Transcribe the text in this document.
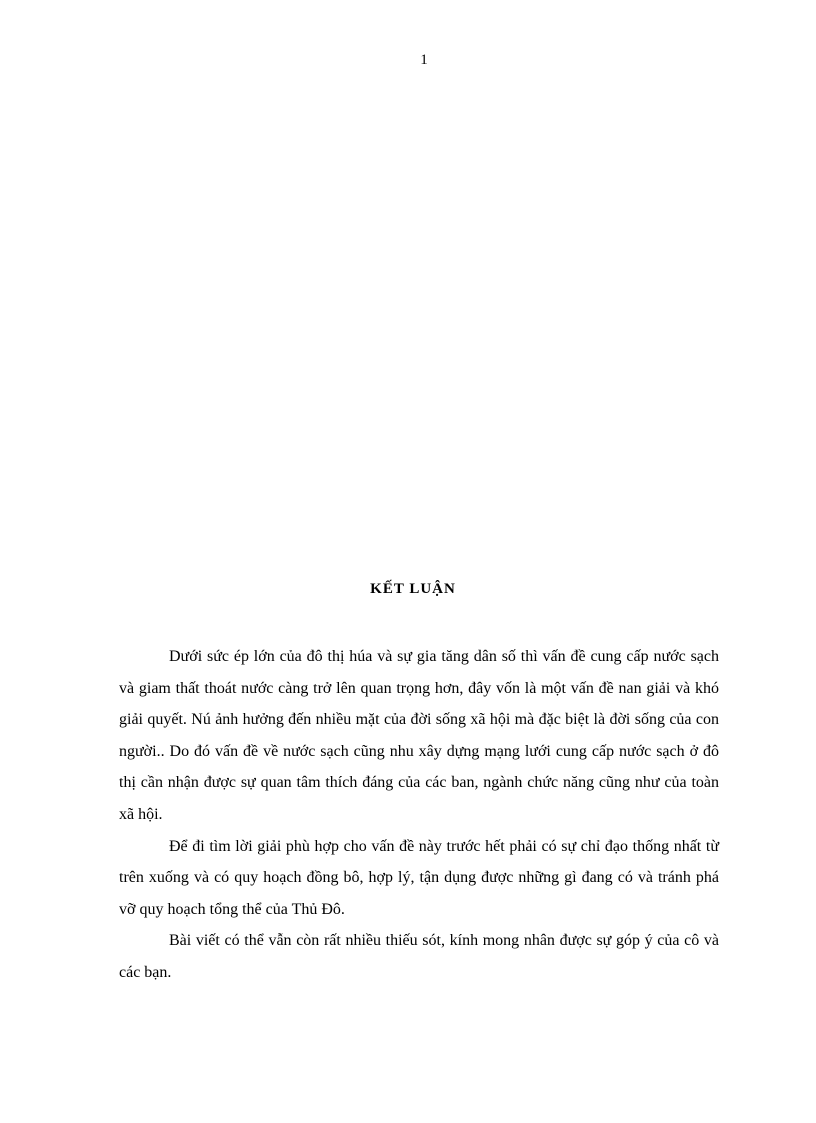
1
KẾT LUẬN

Dưới sức ép lớn của đô thị húa và sự gia tăng dân số thì vấn đề cung cấp nước sạch và giam thất thoát nước càng trở lên quan trọng hơn, đây vốn là một vấn đề nan giải và khó giải quyết. Nú ảnh hưởng đến nhiều mặt của đời sống xã hội mà đặc biệt là đời sống của con người.. Do đó vấn đề về nước sạch cũng nhu xây dựng mạng lưới cung cấp nước sạch ở đô thị cần nhận được sự quan tâm thích đáng của các ban, ngành chức năng cũng như của toàn xã hội.

Để đi tìm lời giải phù hợp cho vấn đề này trước hết phải có sự chỉ đạo thống nhất từ trên xuống và có quy hoạch đồng bô, hợp lý, tận dụng được những gì đang có và tránh phá vỡ quy hoạch tổng thể của Thủ Đô.

Bài viết có thể vẫn còn rất nhiều thiếu sót, kính mong nhân được sự góp ý của cô và các bạn.
